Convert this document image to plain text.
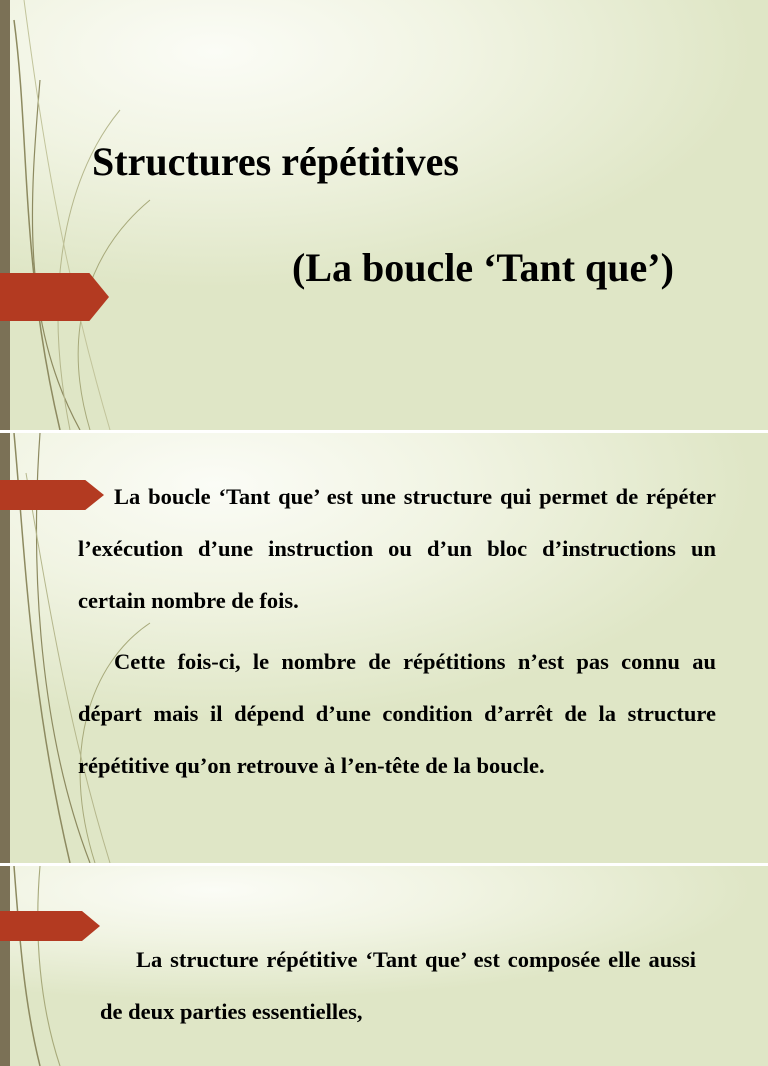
Structures répétitives
(La boucle ‘Tant que’)
La boucle ‘Tant que’ est une structure qui permet de répéter l’exécution d’une instruction ou d’un bloc d’instructions un certain nombre de fois.
Cette fois-ci, le nombre de répétitions n’est pas connu au départ mais il dépend d’une condition d’arrêt de la structure répétitive qu’on retrouve à l’en-tête de la boucle.
La structure répétitive ‘Tant que’ est composée elle aussi de deux parties essentielles,
